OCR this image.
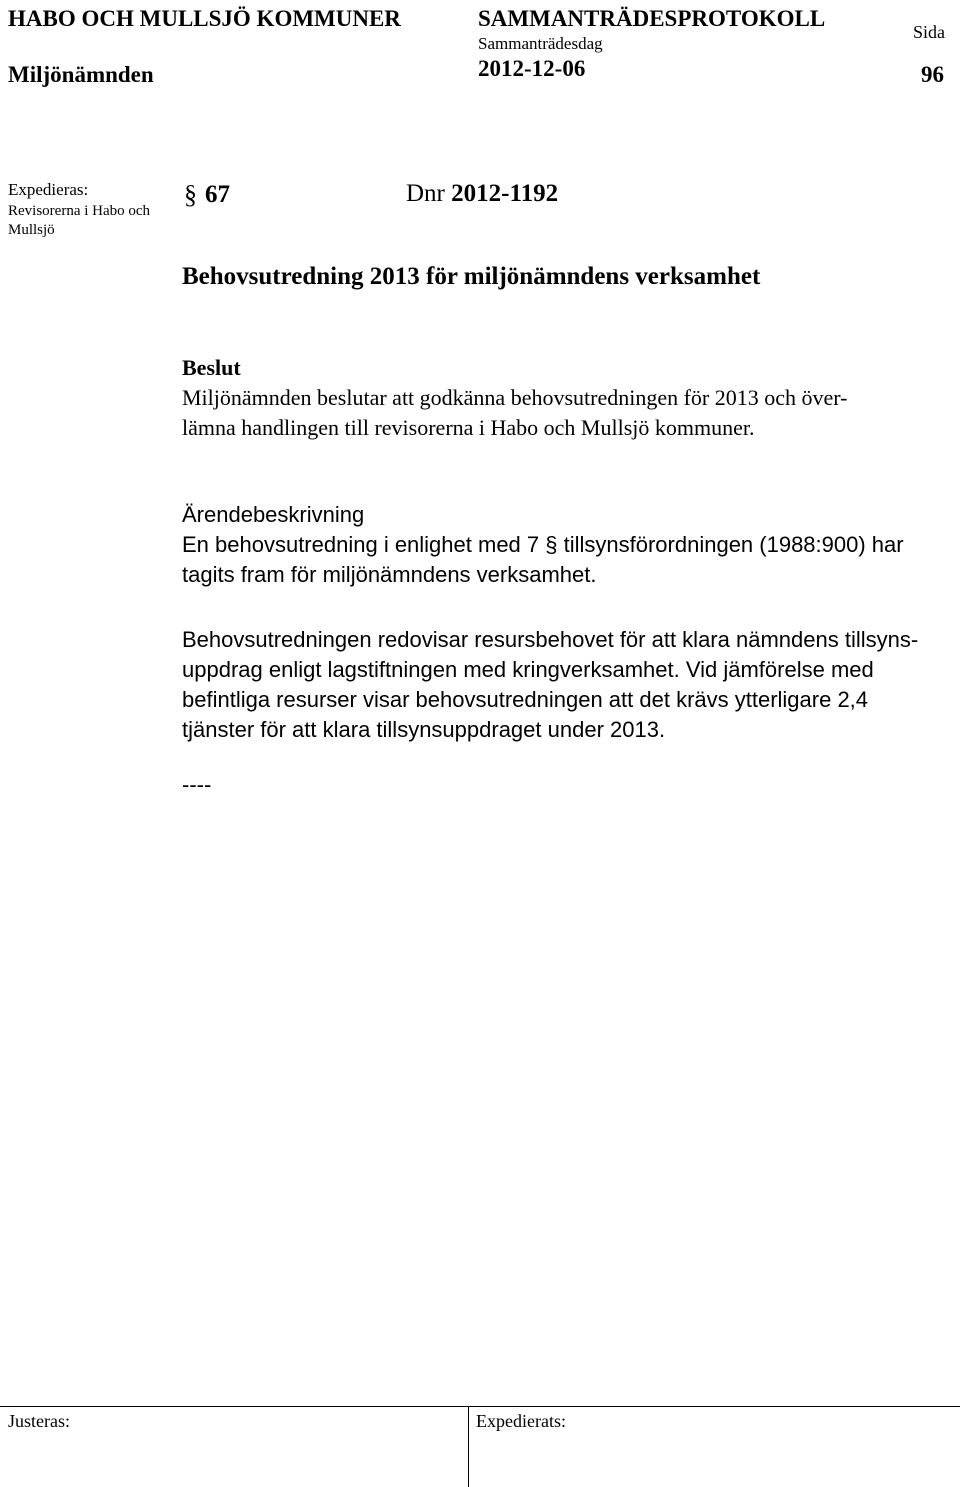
HABO OCH MULLSJÖ KOMMUNER	SAMMANTRÄDESPROTOKOLL
Sida
Miljönämnden
Sammanträdesdag
2012-12-06	96
Expedieras:
Revisorerna i Habo och Mullsjö
§ 67	Dnr 2012-1192
Behovsutredning 2013 för miljönämndens verksamhet
Beslut

Miljönämnden beslutar att godkänna behovsutredningen för 2013 och över-
lämna handlingen till revisorerna i Habo och Mullsjö kommuner.

Ärendebeskrivning

En behovsutredning i enlighet med 7 § tillsynsförordningen (1988:900) har
tagits fram för miljönämndens verksamhet.

Behovsutredningen redovisar resursbehovet för att klara nämndens tillsyns-
uppdrag enligt lagstiftningen med kringverksamhet. Vid jämförelse med
befintliga resurser visar behovsutredningen att det krävs ytterligare 2,4
tjänster för att klara tillsynsuppdraget under 2013.

----
Justeras:	Expedierats:
